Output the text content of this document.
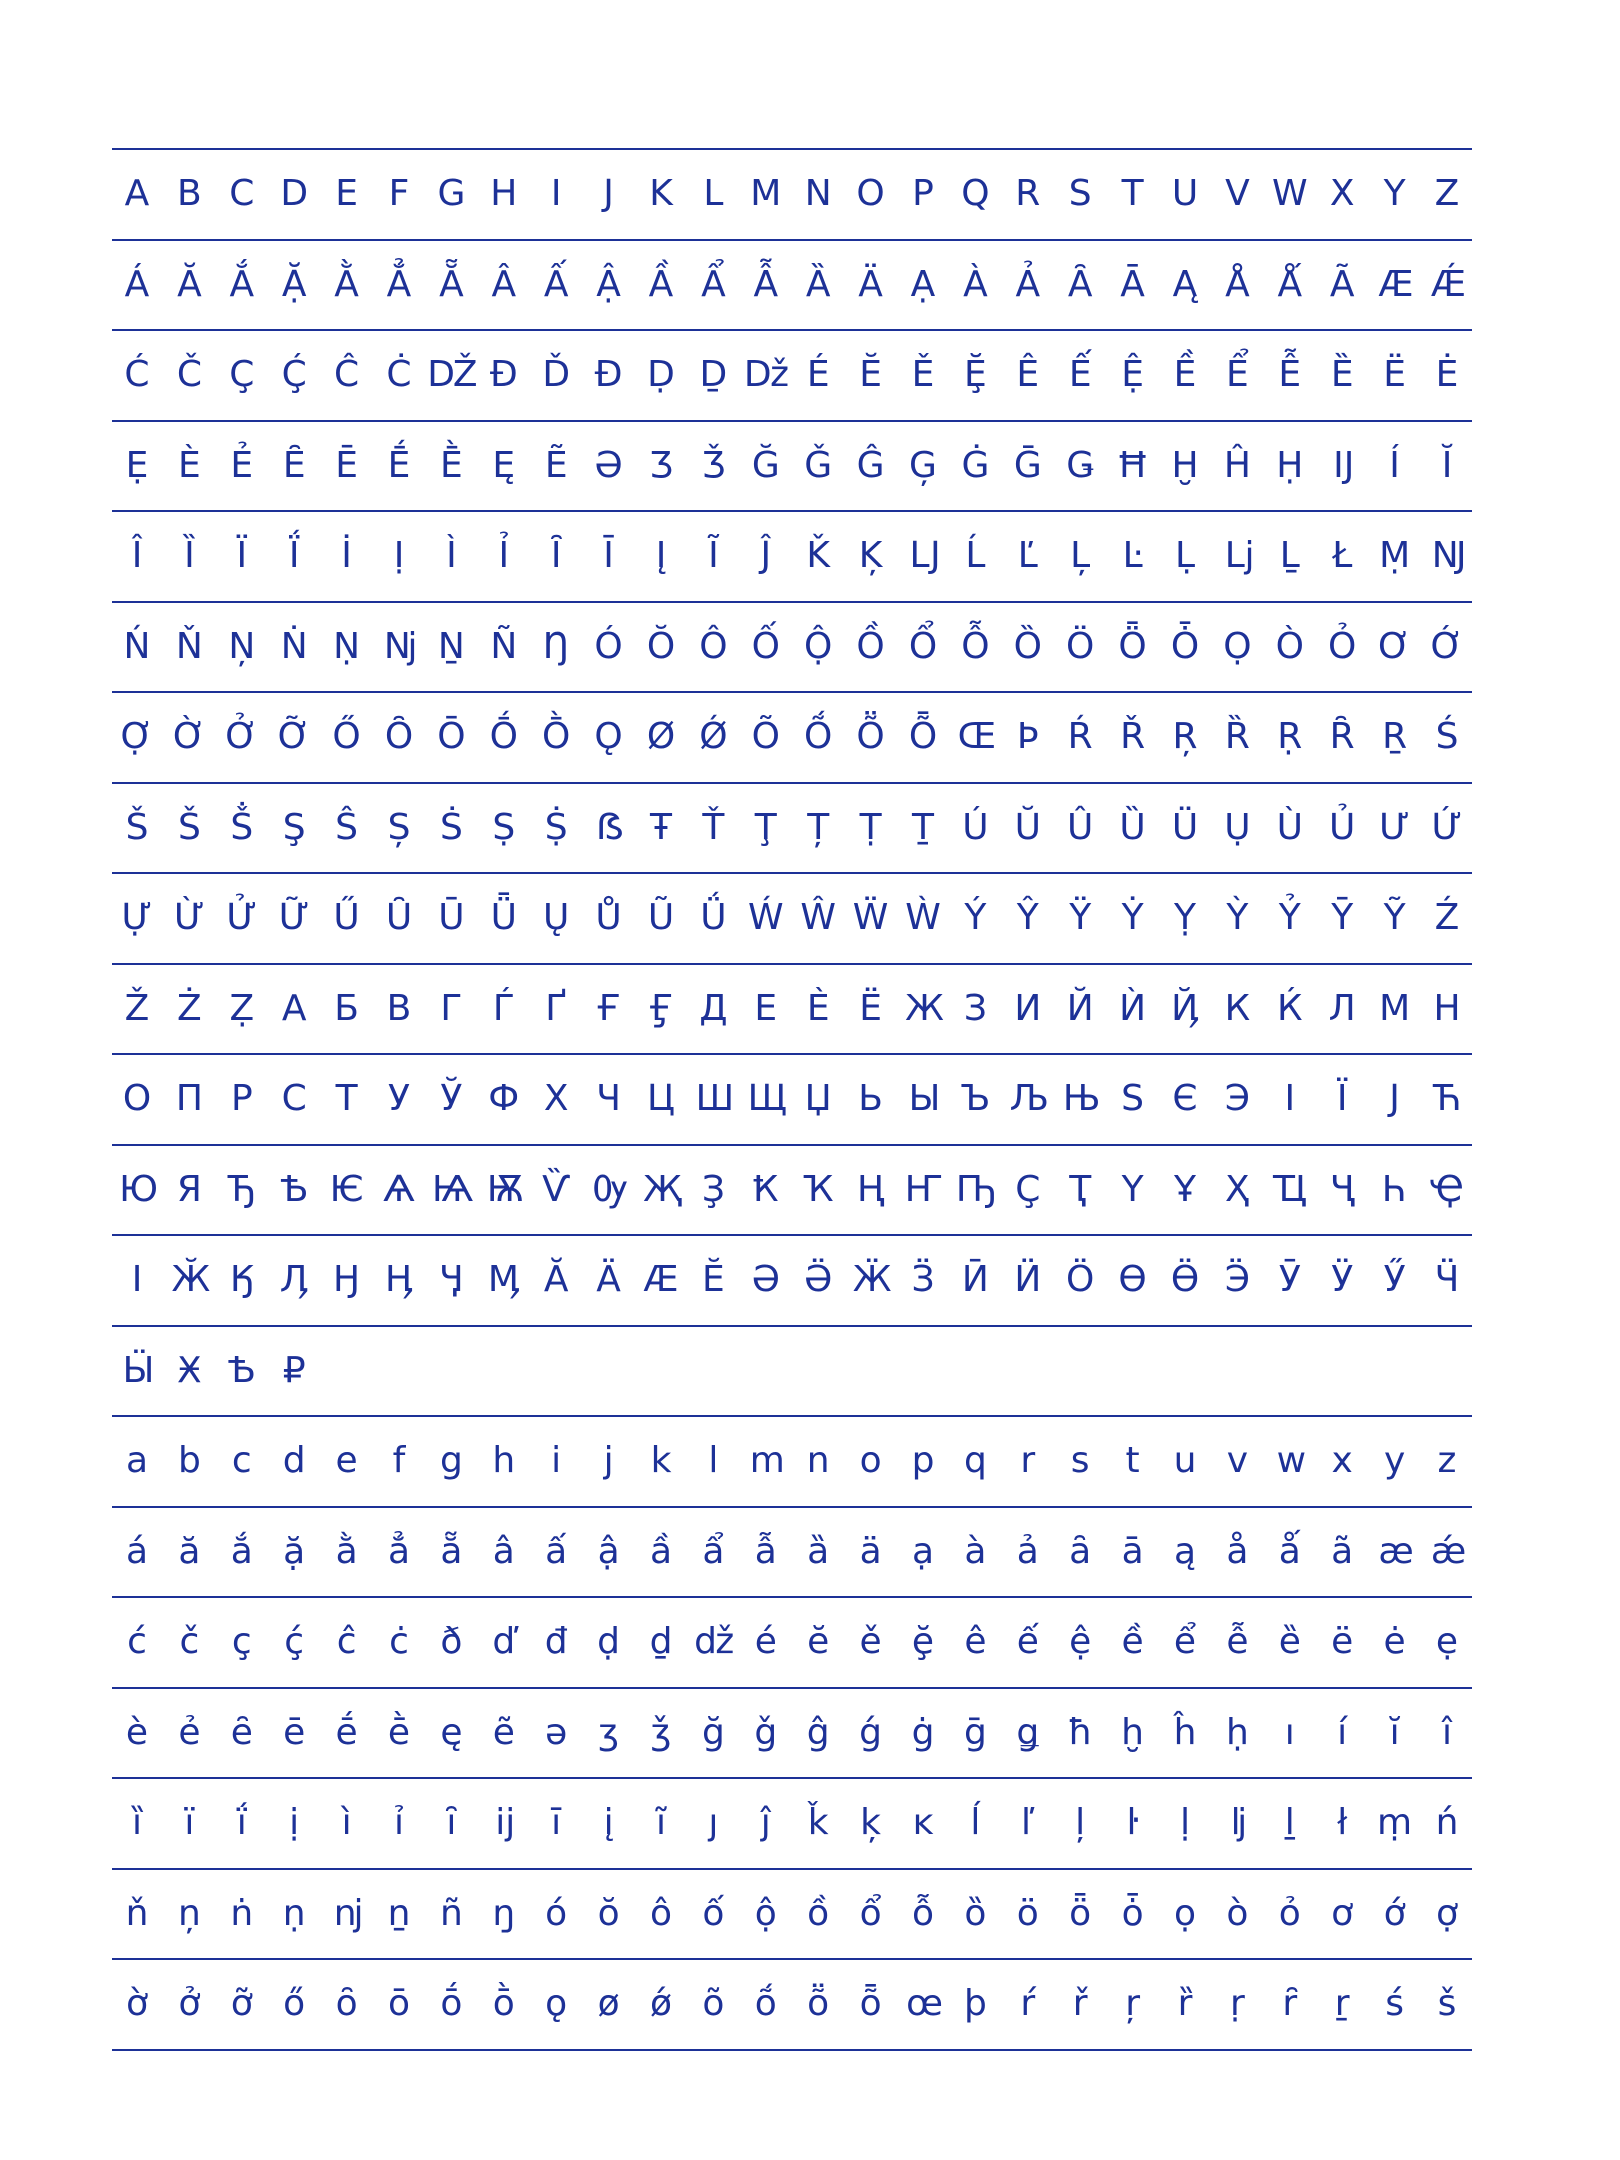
A B C D E F G H I	J K L M N O P Q R S T U V W X Y Z
Á Ă Ắ Ặ Ằ Ẳ Ẵ Â Ấ Ậ Ầ Ẩ Ẫ Ȁ Ä Ạ À Ả Ȃ Ā Ą Å Ǻ Ã Æ Ǽ
Ć Č Ç Ḉ Ĉ Ċ Ǆ Ð Ď Đ Ḍ Ḏ ǅ É Ĕ Ě Ḝ Ê Ế Ệ Ề Ể Ễ Ȅ Ë Ė
Ẹ È Ẻ Ȇ Ē Ḗ Ḕ Ę Ẽ Ə Ʒ Ǯ Ğ Ǧ Ĝ Ģ Ġ Ḡ Ǥ Ħ Ḫ Ĥ Ḥ Ĳ	Í	Ĭ
Î	Ȉ	Ï	Ḯ	İ	Ị	Ì	Ỉ	Ȋ	Ī	Į	Ĩ	Ĵ Ǩ Ķ Ǉ Ĺ Ľ Ļ Ŀ Ḷ ǈ Ḻ Ł Ṃ Ǌ
Ń Ň Ņ Ṅ Ṇ ǋ Ṉ Ñ Ŋ Ó Ŏ Ô Ố Ộ Ồ Ổ Ỗ Ȍ Ö Ȫ Ȱ Ọ Ò Ỏ Ơ Ớ
Ợ Ờ Ở Ỡ Ő Ȏ Ō Ṓ Ṑ Ǫ Ø Ǿ Õ Ṍ Ṏ Ȭ Œ Þ Ŕ Ř Ŗ Ȑ Ṛ Ȓ Ṟ Ś
Š Š Ṧ Ş Ŝ Ș Ṡ Ṣ Ṩ ẞ Ŧ Ť Ţ Ț Ṭ Ṯ Ú Ŭ Û Ȕ Ü Ụ Ù Ủ Ư Ứ
Ự Ừ Ử Ữ Ű Ȗ Ū Ǖ Ų Ů Ũ Ǘ Ẃ Ŵ Ẅ Ẁ Ý Ŷ Ÿ Ẏ Ỵ Ỳ Ỷ Ȳ Ỹ Ź
Ž Ż Ẓ А Б В Г Ѓ Ґ Ғ Ӻ Д Е Ѐ Ё Ж З И Й Ѝ Ҋ К Ќ Л М Н
О П Р С Т У Ў Ф Х Ч Ц Ш Щ Џ Ь Ы Ъ Љ Њ Ѕ Є Э І	Ї	Ј Ћ
Ю Я Ђ Ѣ Ѥ Ѧ Ѩ Ѭ Ѷ Ѹ Җ Ҙ Ҟ Ҡ Ң Ҥ Ҧ Ҫ Ҭ Ү Ұ Ҳ Ҵ Ҷ Һ Ҿ
Ӏ Ӂ Ӄ Ӆ Ӈ Ӊ Ӌ Ӎ Ӑ Ӓ Ӕ Ӗ Ә Ӛ Ӝ Ӟ Ӣ Ӥ Ӧ Ө Ӫ Ӭ Ӯ Ӱ Ӳ Ӵ
Ӹ Ӿ Ѣ ₽
a b c d e f g h i	j	k	l m n o p q r s t u v w x y z
á ă ắ ặ ằ ẳ ẵ â ấ ậ ầ ẩ ẫ ȁ ä ạ à ả ȃ ā ą å ǻ ã æ ǽ
ć č ç ḉ ĉ ċ ð ď đ ḍ ḏ ǆ é ĕ ě ḝ ê ế ệ ề ể ễ ȅ ë ė ẹ
è ẻ ȇ ē ḗ ḕ ę ẽ ə ʒ ǯ ğ ǧ ĝ ǵ ġ ḡ ǥ ħ ḫ ĥ ḥ ı	í	ĭ	î
ȉ	ï	ḯ	ị	ì	ỉ	ȋ	ĳ	ī	į	ĩ	ȷ	ĵ	ǩ ķ ĸ	ĺ	ľ	ļ	ŀ	ḷ	ǉ	ḻ	ł ṃ ń
ň ņ ṅ ṇ ǌ ṉ ñ ŋ ó ŏ ô ố ộ ồ ổ ỗ ȍ ö ȫ ȱ ọ ò ỏ ơ ớ ợ
ờ ở ỡ ő ȏ ō ṓ ṑ ǫ ø ǿ õ ṍ ṏ ȭ œ þ ŕ	ř	ŗ	ȑ	ṛ	ȓ	ṟ ś š
